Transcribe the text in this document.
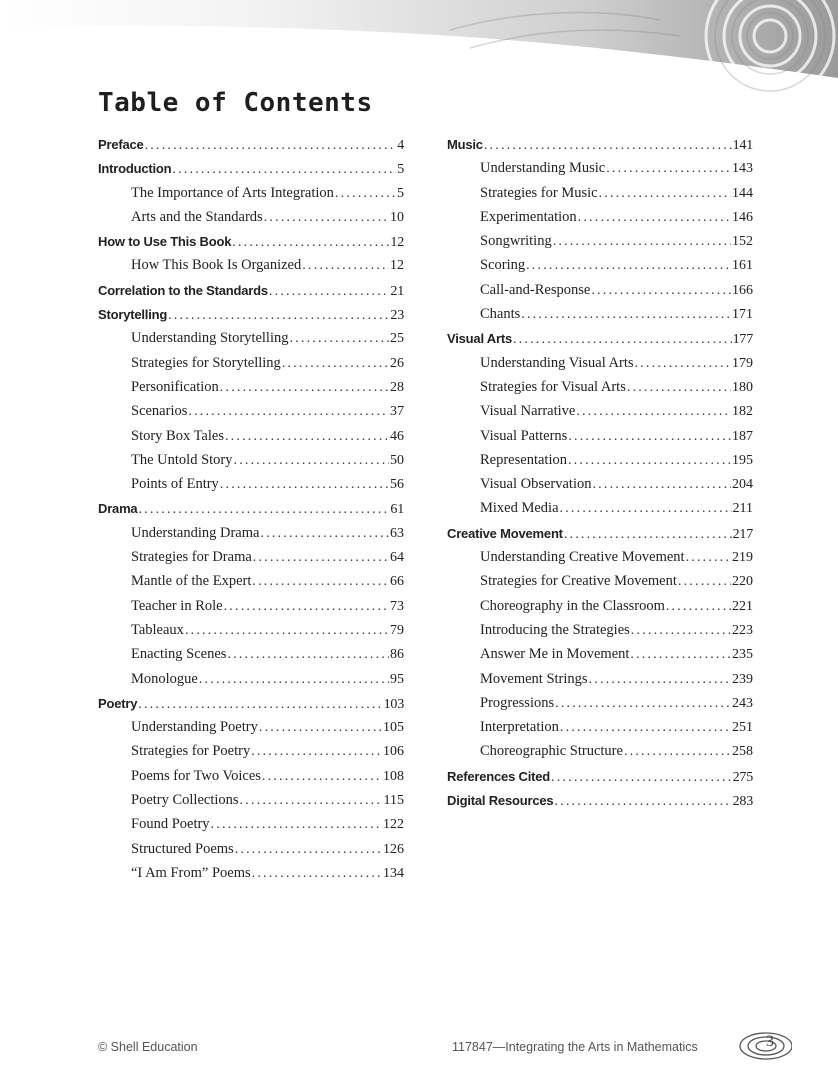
Table of Contents
Preface .....	4
Introduction .....	5
The Importance of Arts Integration .....	5
Arts and the Standards .....	10
How to Use This Book .....	12
How This Book Is Organized .....	12
Correlation to the Standards .....	21
Storytelling .....	23
Understanding Storytelling .....	25
Strategies for Storytelling .....	26
Personification .....	28
Scenarios .....	37
Story Box Tales .....	46
The Untold Story .....	50
Points of Entry .....	56
Drama .....	61
Understanding Drama .....	63
Strategies for Drama .....	64
Mantle of the Expert .....	66
Teacher in Role .....	73
Tableaux .....	79
Enacting Scenes .....	86
Monologue .....	95
Poetry .....	103
Understanding Poetry .....	105
Strategies for Poetry .....	106
Poems for Two Voices .....	108
Poetry Collections .....	115
Found Poetry .....	122
Structured Poems .....	126
“I Am From” Poems .....	134
Music .....	141
Understanding Music .....	143
Strategies for Music .....	144
Experimentation .....	146
Songwriting .....	152
Scoring .....	161
Call-and-Response .....	166
Chants .....	171
Visual Arts .....	177
Understanding Visual Arts .....	179
Strategies for Visual Arts .....	180
Visual Narrative .....	182
Visual Patterns .....	187
Representation .....	195
Visual Observation .....	204
Mixed Media .....	211
Creative Movement .....	217
Understanding Creative Movement .....	219
Strategies for Creative Movement .....	220
Choreography in the Classroom .....	221
Introducing the Strategies .....	223
Answer Me in Movement .....	235
Movement Strings .....	239
Progressions .....	243
Interpretation .....	251
Choreographic Structure .....	258
References Cited .....	275
Digital Resources .....	283
© Shell Education	117847—Integrating the Arts in Mathematics	3
